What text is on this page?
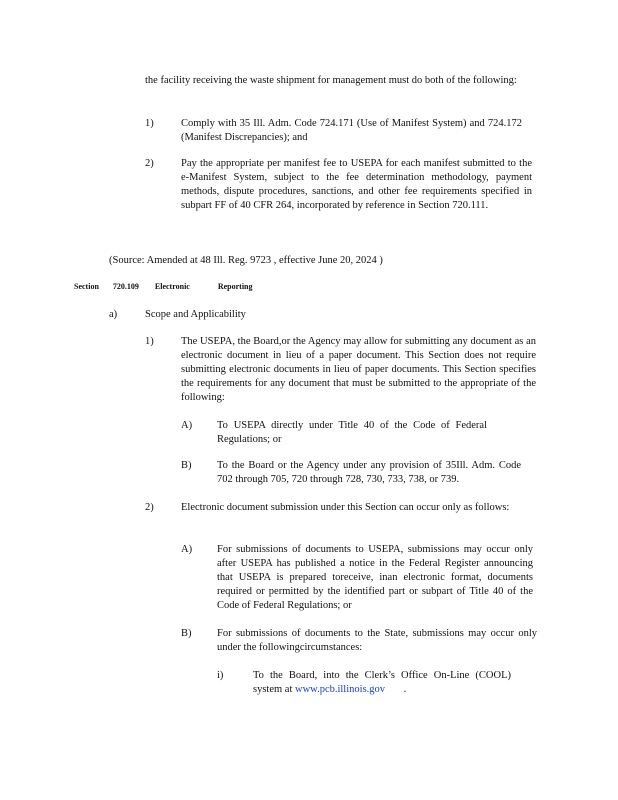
the facility receiving the waste shipment for management must do both of the following:
1)	Comply with 35 Ill. Adm. Code 724.171 (Use of Manifest System) and 724.172 (Manifest Discrepancies); and
2)	Pay the appropriate per manifest fee to USEPA for each manifest submitted to the e-Manifest System, subject to the fee determination methodology, payment methods, dispute procedures, sanctions, and other fee requirements specified in subpart FF of 40 CFR 264, incorporated by reference in Section 720.111.
(Source: Amended at 48 Ill. Reg. 9723 , effective June 20, 2024 )
Section 720.109 Electronic	Reporting
a)	Scope and Applicability
1)	The USEPA, the Board,or the Agency may allow for submitting any document as an electronic document in lieu of a paper document. This Section does not require submitting electronic documents in lieu of paper documents. This Section specifies the requirements for any document that must be submitted to the appropriate of the following:
A) To USEPA directly under Title 40 of the Code of Federal Regulations; or
B) To the Board or the Agency under any provision of 35Ill. Adm. Code 702 through 705, 720 through 728, 730, 733, 738, or 739.
2)	Electronic document submission under this Section can occur only as follows:
A) For submissions of documents to USEPA, submissions may occur only after USEPA has published a notice in the Federal Register announcing that USEPA is prepared toreceive, inan electronic format, documents required or permitted by the identified part or subpart of Title 40 of the Code of Federal Regulations; or
B) For submissions of documents to the State, submissions may occur only under the followingcircumstances:
i)	To the Board, into the Clerk’s Office On-Line (COOL) system at www.pcb.illinois.gov .
